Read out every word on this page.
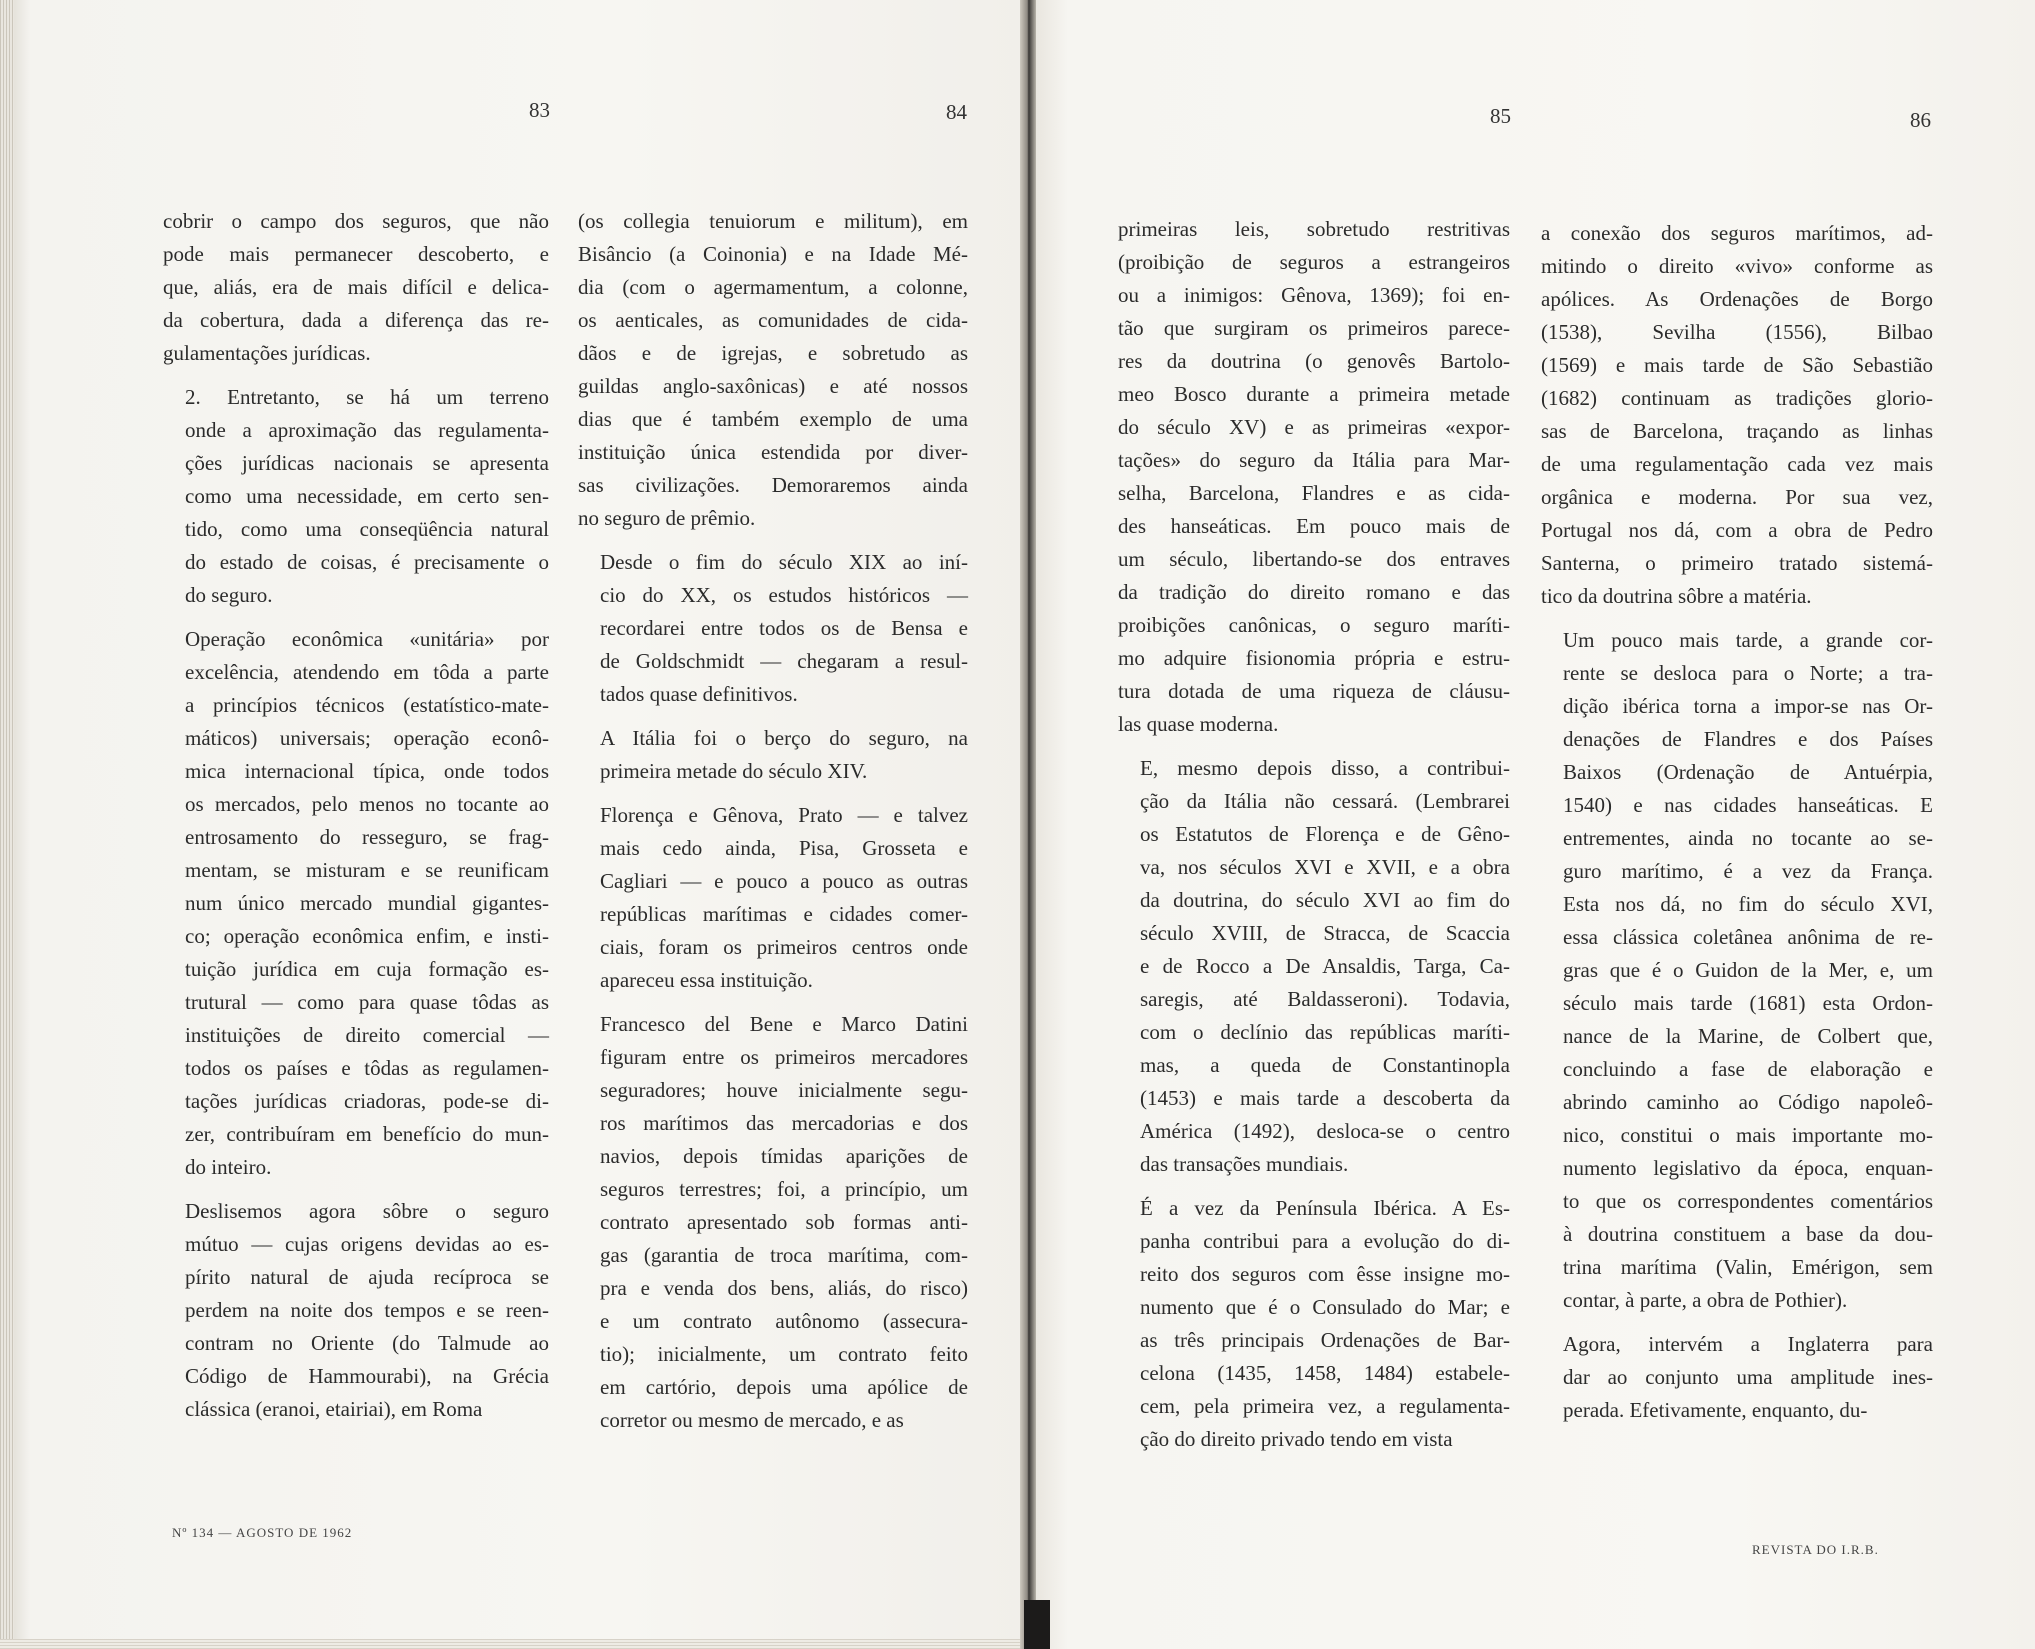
83	84	85	86

cobrir o campo dos seguros, que não
pode mais permanecer descoberto, e
que, aliás, era de mais difícil e delica-
da cobertura, dada a diferença das re-
gulamentações jurídicas.

2. Entretanto, se há um terreno
onde a aproximação das regulamenta-
ções jurídicas nacionais se apresenta
como uma necessidade, em certo sen-
tido, como uma conseqüência natural
do estado de coisas, é precisamente o
do seguro.

Operação econômica «unitária» por
excelência, atendendo em tôda a parte
a princípios técnicos (estatístico-mate-
máticos) universais; operação econô-
mica internacional típica, onde todos
os mercados, pelo menos no tocante ao
entrosamento do resseguro, se frag-
mentam, se misturam e se reunificam
num único mercado mundial gigantes-
co; operação econômica enfim, e insti-
tuição jurídica em cuja formação es-
trutural — como para quase tôdas as
instituições de direito comercial —
todos os países e tôdas as regulamen-
tações jurídicas criadoras, pode-se di-
zer, contribuíram em benefício do mun-
do inteiro.

Deslisemos agora sôbre o seguro
mútuo — cujas origens devidas ao es-
pírito natural de ajuda recíproca se
perdem na noite dos tempos e se reen-
contram no Oriente (do Talmude ao
Código de Hammourabi), na Grécia
clássica (eranoi, etairiai), em Roma

(os collegia tenuiorum e militum), em
Bisâncio (a Coinonia) e na Idade Mé-
dia (com o agermamentum, a colonne,
os aenticales, as comunidades de cida-
dãos e de igrejas, e sobretudo as
guildas anglo-saxônicas) e até nossos
dias que é também exemplo de uma
instituição única estendida por diver-
sas civilizações. Demoraremos ainda
no seguro de prêmio.

Desde o fim do século XIX ao iní-
cio do XX, os estudos históricos —
recordarei entre todos os de Bensa e
de Goldschmidt — chegaram a resul-
tados quase definitivos.

A Itália foi o berço do seguro, na
primeira metade do século XIV.

Florença e Gênova, Prato — e talvez
mais cedo ainda, Pisa, Grosseta e
Cagliari — e pouco a pouco as outras
repúblicas marítimas e cidades comer-
ciais, foram os primeiros centros onde
apareceu essa instituição.

Francesco del Bene e Marco Datini
figuram entre os primeiros mercadores
seguradores; houve inicialmente segu-
ros marítimos das mercadorias e dos
navios, depois tímidas aparições de
seguros terrestres; foi, a princípio, um
contrato apresentado sob formas anti-
gas (garantia de troca marítima, com-
pra e venda dos bens, aliás, do risco)
e um contrato autônomo (assecura-
tio); inicialmente, um contrato feito
em cartório, depois uma apólice de
corretor ou mesmo de mercado, e as

primeiras leis, sobretudo restritivas
(proibição de seguros a estrangeiros
ou a inimigos: Gênova, 1369); foi en-
tão que surgiram os primeiros parece-
res da doutrina (o genovês Bartolo-
meo Bosco durante a primeira metade
do século XV) e as primeiras «expor-
tações» do seguro da Itália para Mar-
selha, Barcelona, Flandres e as cida-
des hanseáticas. Em pouco mais de
um século, libertando-se dos entraves
da tradição do direito romano e das
proibições canônicas, o seguro maríti-
mo adquire fisionomia própria e estru-
tura dotada de uma riqueza de cláusu-
las quase moderna.

E, mesmo depois disso, a contribui-
ção da Itália não cessará. (Lembrarei
os Estatutos de Florença e de Gêno-
va, nos séculos XVI e XVII, e a obra
da doutrina, do século XVI ao fim do
século XVIII, de Stracca, de Scaccia
e de Rocco a De Ansaldis, Targa, Ca-
saregis, até Baldasseroni). Todavia,
com o declínio das repúblicas maríti-
mas, a queda de Constantinopla
(1453) e mais tarde a descoberta da
América (1492), desloca-se o centro
das transações mundiais.

É a vez da Península Ibérica. A Es-
panha contribui para a evolução do di-
reito dos seguros com êsse insigne mo-
numento que é o Consulado do Mar; e
as três principais Ordenações de Bar-
celona (1435, 1458, 1484) estabele-
cem, pela primeira vez, a regulamenta-
ção do direito privado tendo em vista

a conexão dos seguros marítimos, ad-
mitindo o direito «vivo» conforme as
apólices. As Ordenações de Borgo
(1538), Sevilha (1556), Bilbao
(1569) e mais tarde de São Sebastião
(1682) continuam as tradições glorio-
sas de Barcelona, traçando as linhas
de uma regulamentação cada vez mais
orgânica e moderna. Por sua vez,
Portugal nos dá, com a obra de Pedro
Santerna, o primeiro tratado sistemá-
tico da doutrina sôbre a matéria.

Um pouco mais tarde, a grande cor-
rente se desloca para o Norte; a tra-
dição ibérica torna a impor-se nas Or-
denações de Flandres e dos Países
Baixos (Ordenação de Antuérpia,
1540) e nas cidades hanseáticas. E
entrementes, ainda no tocante ao se-
guro marítimo, é a vez da França.
Esta nos dá, no fim do século XVI,
essa clássica coletânea anônima de re-
gras que é o Guidon de la Mer, e, um
século mais tarde (1681) esta Ordon-
nance de la Marine, de Colbert que,
concluindo a fase de elaboração e
abrindo caminho ao Código napoleô-
nico, constitui o mais importante mo-
numento legislativo da época, enquan-
to que os correspondentes comentários
à doutrina constituem a base da dou-
trina marítima (Valin, Emérigon, sem
contar, à parte, a obra de Pothier).

Agora, intervém a Inglaterra para
dar ao conjunto uma amplitude ines-
perada. Efetivamente, enquanto, du-

Nº 134 — AGOSTO DE 1962
REVISTA DO I.R.B.
